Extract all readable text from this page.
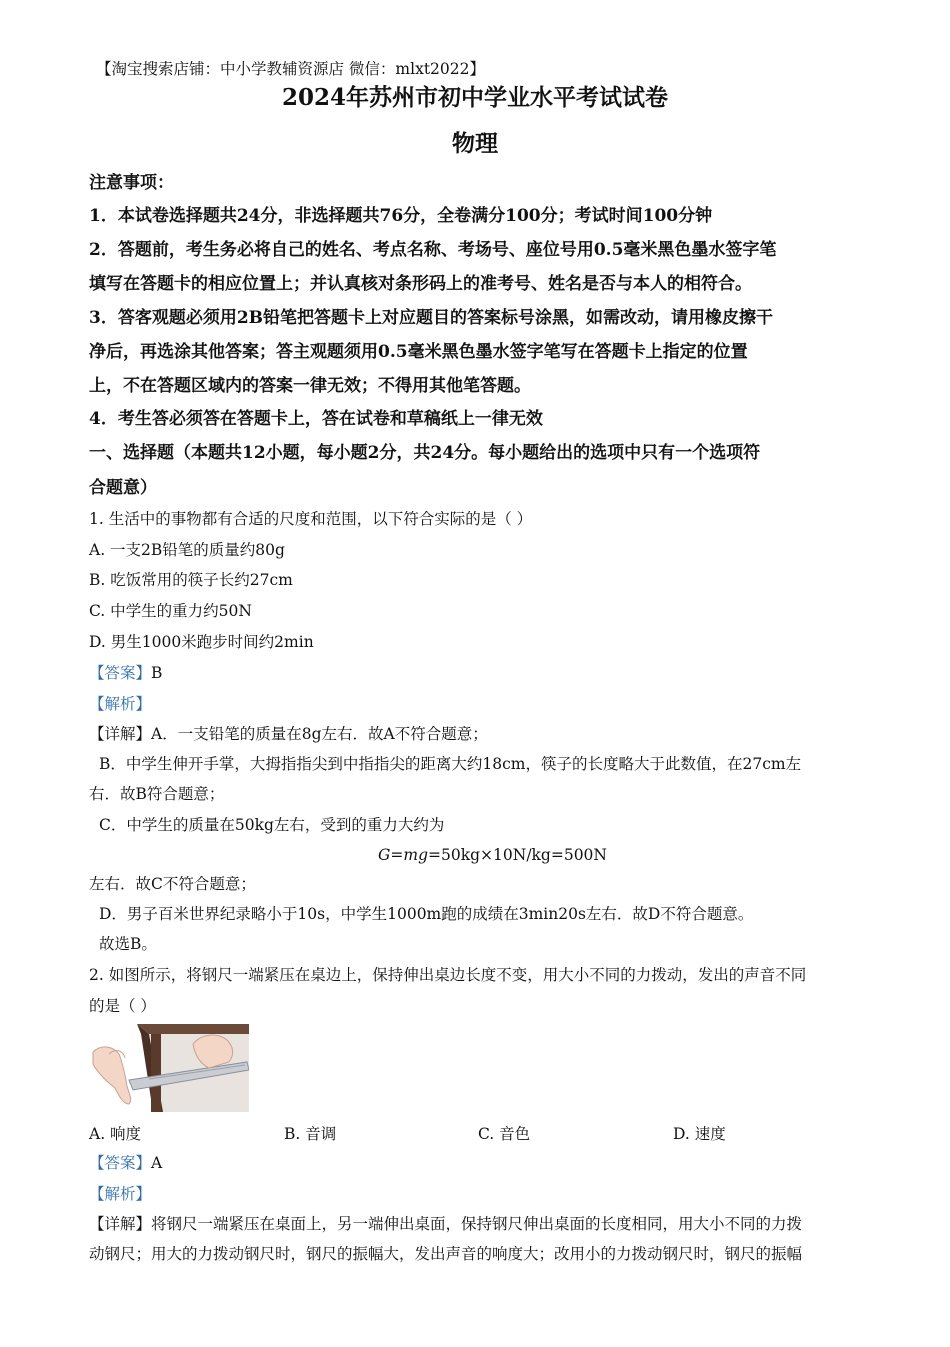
【淘宝搜索店铺：中小学教辅资源店 微信：mlxt2022】
2024年苏州市初中学业水平考试试卷
物理
注意事项：
1．本试卷选择题共24分，非选择题共76分，全卷满分100分；考试时间100分钟
2．答题前，考生务必将自己的姓名、考点名称、考场号、座位号用0.5毫米黑色墨水签字笔
填写在答题卡的相应位置上；并认真核对条形码上的准考号、姓名是否与本人的相符合。
3．答客观题必须用2B铅笔把答题卡上对应题目的答案标号涂黑，如需改动，请用橡皮擦干
净后，再选涂其他答案；答主观题须用0.5毫米黑色墨水签字笔写在答题卡上指定的位置
上，不在答题区域内的答案一律无效；不得用其他笔答题。
4．考生答必须答在答题卡上，答在试卷和草稿纸上一律无效
一、选择题（本题共12小题，每小题2分，共24分。每小题给出的选项中只有一个选项符
合题意）
1. 生活中的事物都有合适的尺度和范围，以下符合实际的是（ ）
A. 一支2B铅笔的质量约80g
B. 吃饭常用的筷子长约27cm
C. 中学生的重力约50N
D. 男生1000米跑步时间约2min
【答案】B
【解析】
【详解】A．一支铅笔的质量在8g左右．故A不符合题意；
B．中学生伸开手掌，大拇指指尖到中指指尖的距离大约18cm，筷子的长度略大于此数值，在27cm左
右．故B符合题意；
C．中学生的质量在50kg左右，受到的重力大约为
G=mg=50kg×10N/kg=500N
左右．故C不符合题意；
D．男子百米世界纪录略小于10s，中学生1000m跑的成绩在3min20s左右．故D不符合题意。
故选B。
2. 如图所示，将钢尺一端紧压在桌边上，保持伸出桌边长度不变，用大小不同的力拨动，发出的声音不同
的是（ ）
A. 响度	B. 音调	C. 音色	D. 速度
【答案】A
【解析】
【详解】将钢尺一端紧压在桌面上，另一端伸出桌面，保持钢尺伸出桌面的长度相同，用大小不同的力拨
动钢尺；用大的力拨动钢尺时，钢尺的振幅大，发出声音的响度大；改用小的力拨动钢尺时，钢尺的振幅
